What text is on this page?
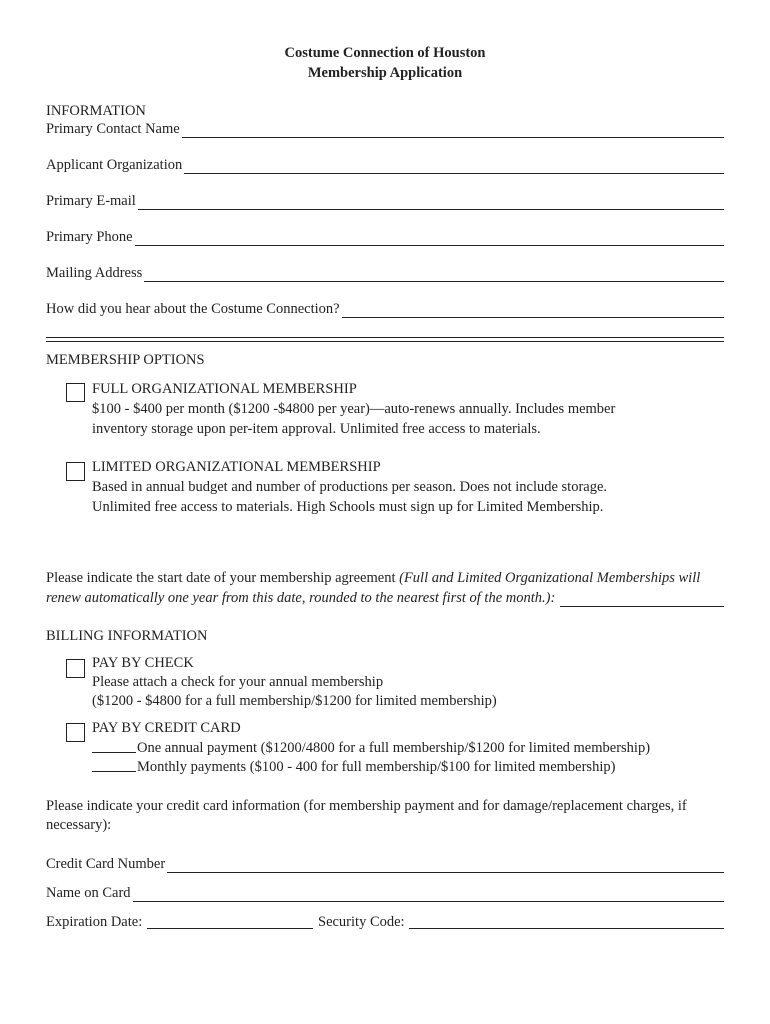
Costume Connection of Houston
Membership Application
INFORMATION
Primary Contact Name
Applicant Organization
Primary E-mail
Primary Phone
Mailing Address
How did you hear about the Costume Connection?
MEMBERSHIP OPTIONS
FULL ORGANIZATIONAL MEMBERSHIP
$100 - $400 per month ($1200 -$4800 per year)—auto-renews annually. Includes member
inventory storage upon per-item approval. Unlimited free access to materials.
LIMITED ORGANIZATIONAL MEMBERSHIP
Based in annual budget and number of productions per season. Does not include storage.
Unlimited free access to materials. High Schools must sign up for Limited Membership.
Please indicate the start date of your membership agreement (Full and Limited Organizational Memberships will
renew automatically one year from this date, rounded to the nearest first of the month.):
BILLING INFORMATION
PAY BY CHECK
Please attach a check for your annual membership
($1200 - $4800 for a full membership/$1200 for limited membership)
PAY BY CREDIT CARD
One annual payment ($1200/4800 for a full membership/$1200 for limited membership)
Monthly payments ($100 - 400 for full membership/$100 for limited membership)
Please indicate your credit card information (for membership payment and for damage/replacement charges, if
necessary):
Credit Card Number
Name on Card
Expiration Date:	Security Code:
